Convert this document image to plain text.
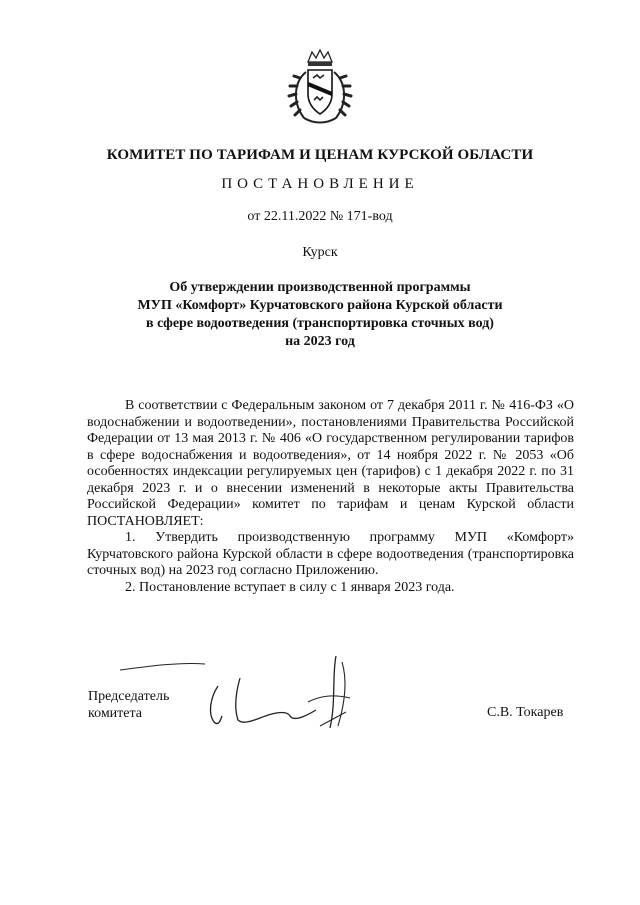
КОМИТЕТ ПО ТАРИФАМ И ЦЕНАМ КУРСКОЙ ОБЛАСТИ
ПОСТАНОВЛЕНИЕ
от 22.11.2022 № 171-вод
Курск
Об утверждении производственной программы
МУП «Комфорт» Курчатовского района Курской области
в сфере водоотведения (транспортировка сточных вод)
на 2023 год

В соответствии с Федеральным законом от 7 декабря 2011 г. № 416-ФЗ «О водоснабжении и водоотведении», постановлениями Правительства Российской Федерации от 13 мая 2013 г. № 406 «О государственном регулировании тарифов в сфере водоснабжения и водоотведения», от 14 ноября 2022 г. № 2053 «Об особенностях индексации регулируемых цен (тарифов) с 1 декабря 2022 г. по 31 декабря 2023 г. и о внесении изменений в некоторые акты Правительства Российской Федерации» комитет по тарифам и ценам Курской области ПОСТАНОВЛЯЕТ:

1. Утвердить производственную программу МУП «Комфорт» Курчатовского района Курской области в сфере водоотведения (транспортировка сточных вод) на 2023 год согласно Приложению.

2. Постановление вступает в силу с 1 января 2023 года.

Председатель
комитета	С.В. Токарев
